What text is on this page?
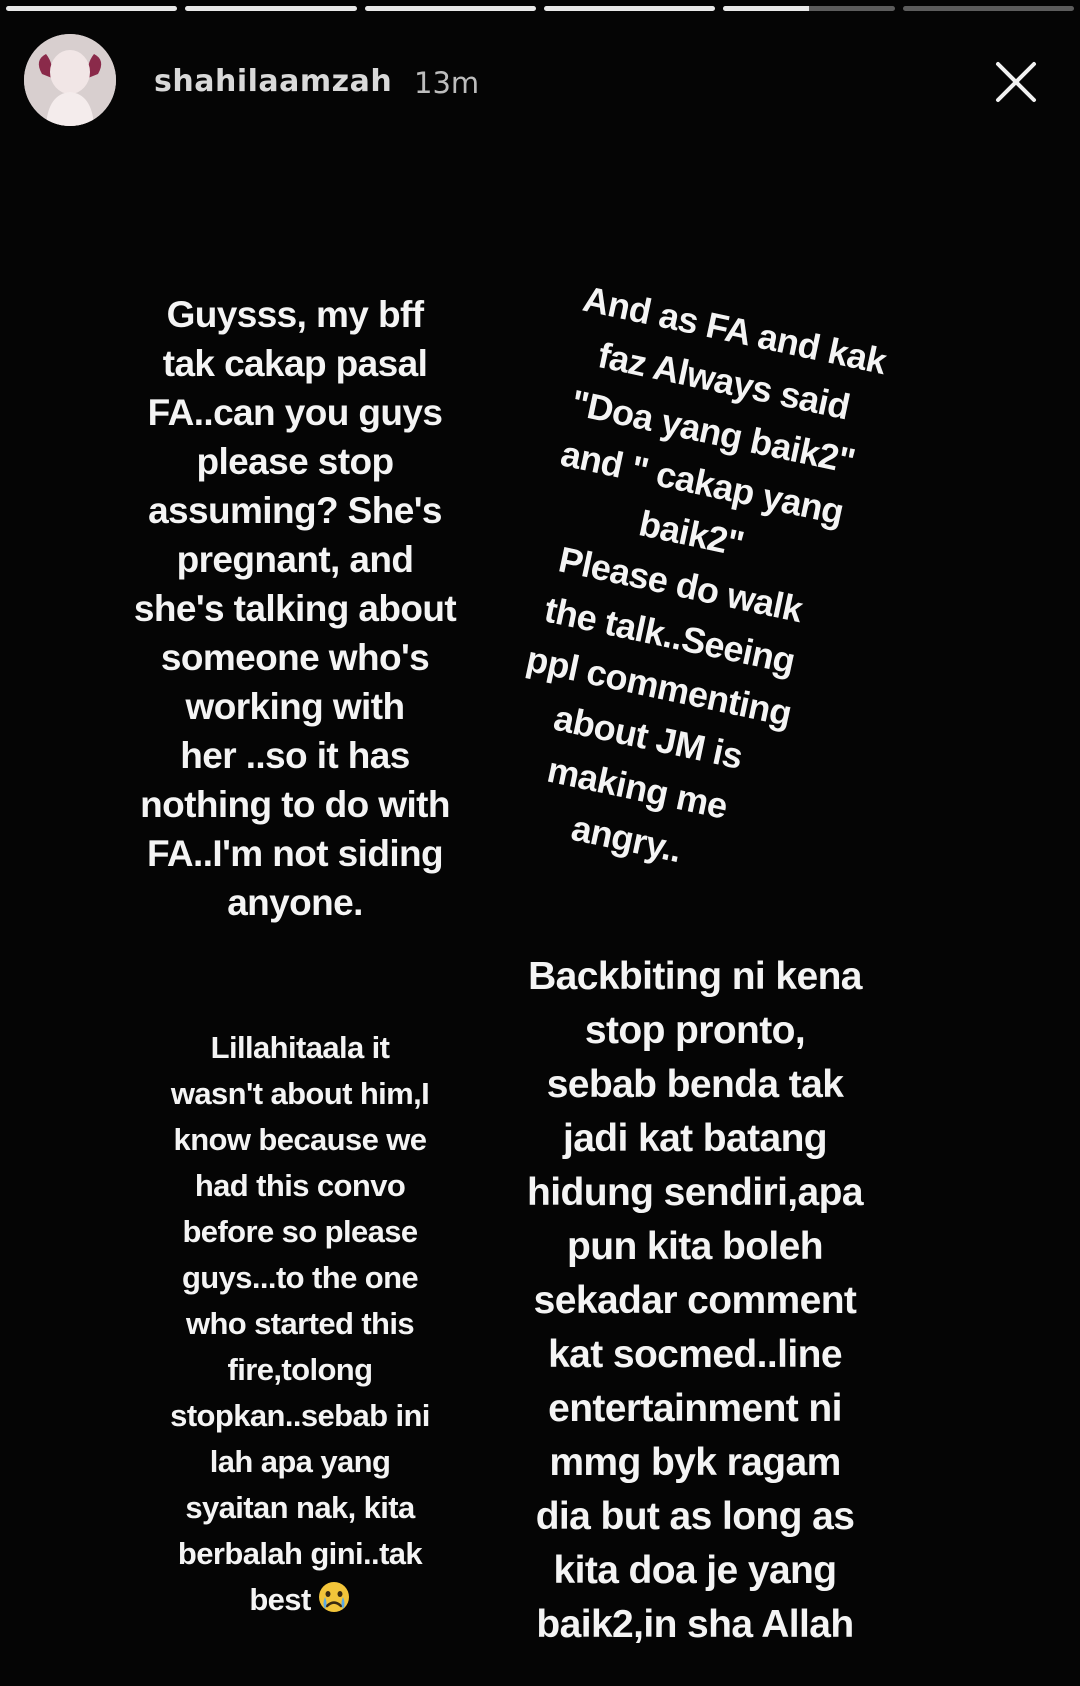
shahilaamzah 13m
Guysss, my bff
tak cakap pasal
FA..can you guys
please stop
assuming? She's
pregnant, and
she's talking about
someone who's
working with
her ..so it has
nothing to do with
FA..I'm not siding
anyone.
And as FA and kak
faz Always said
"Doa yang baik2"
and " cakap yang
baik2"
Please do walk
the talk..Seeing
ppl commenting
about JM is
making me
angry..
Lillahitaala it
wasn't about him,I
know because we
had this convo
before so please
guys...to the one
who started this
fire,tolong
stopkan..sebab ini
lah apa yang
syaitan nak, kita
berbalah gini..tak
best
Backbiting ni kena
stop pronto,
sebab benda tak
jadi kat batang
hidung sendiri,apa
pun kita boleh
sekadar comment
kat socmed..line
entertainment ni
mmg byk ragam
dia but as long as
kita doa je yang
baik2,in sha Allah
